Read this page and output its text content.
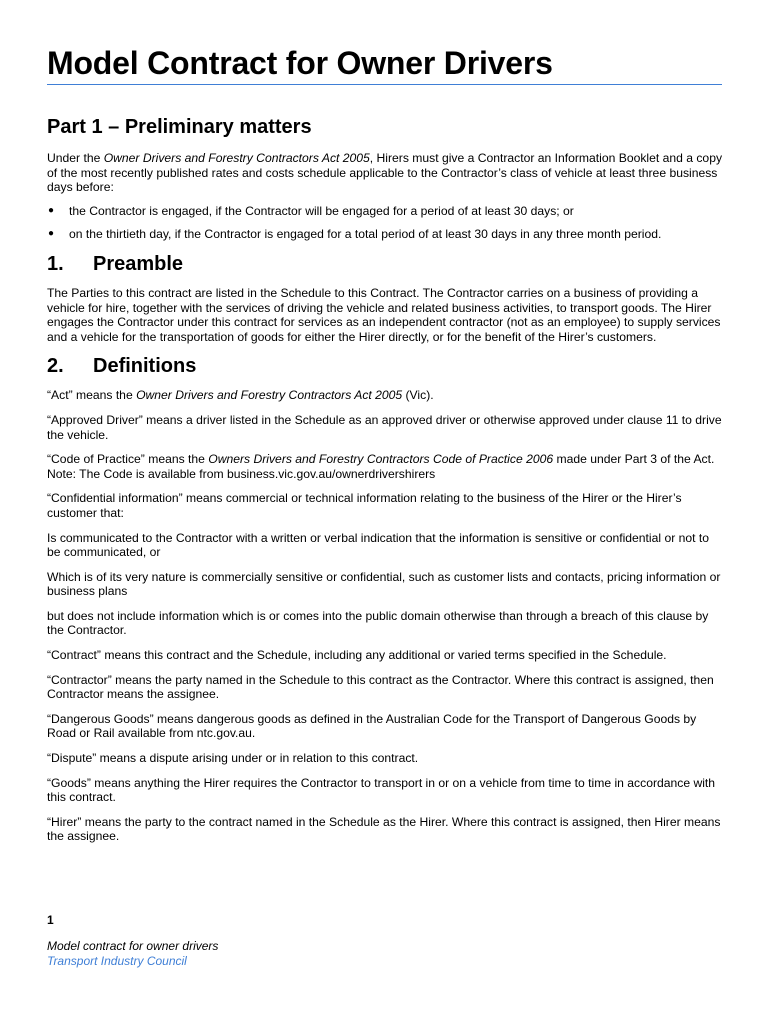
Model Contract for Owner Drivers
Part 1 – Preliminary matters

Under the Owner Drivers and Forestry Contractors Act 2005, Hirers must give a Contractor an Information Booklet and a copy of the most recently published rates and costs schedule applicable to the Contractor’s class of vehicle at least three business days before:

● the Contractor is engaged, if the Contractor will be engaged for a period of at least 30 days; or
● on the thirtieth day, if the Contractor is engaged for a total period of at least 30 days in any three month period.
1.	Preamble

The Parties to this contract are listed in the Schedule to this Contract. The Contractor carries on a business of providing a vehicle for hire, together with the services of driving the vehicle and related business activities, to transport goods. The Hirer engages the Contractor under this contract for services as an independent contractor (not as an employee) to supply services and a vehicle for the transportation of goods for either the Hirer directly, or for the benefit of the Hirer’s customers.

2.	Definitions

“Act” means the Owner Drivers and Forestry Contractors Act 2005 (Vic).

“Approved Driver” means a driver listed in the Schedule as an approved driver or otherwise approved under clause 11 to drive the vehicle.

“Code of Practice” means the Owners Drivers and Forestry Contractors Code of Practice 2006 made under Part 3 of the Act. Note: The Code is available from business.vic.gov.au/ownerdrivershirers

“Confidential information” means commercial or technical information relating to the business of the Hirer or the Hirer’s customer that:

Is communicated to the Contractor with a written or verbal indication that the information is sensitive or confidential or not to be communicated, or

Which is of its very nature is commercially sensitive or confidential, such as customer lists and contacts, pricing information or business plans

but does not include information which is or comes into the public domain otherwise than through a breach of this clause by the Contractor.

“Contract” means this contract and the Schedule, including any additional or varied terms specified in the Schedule.

“Contractor” means the party named in the Schedule to this contract as the Contractor. Where this contract is assigned, then Contractor means the assignee.

“Dangerous Goods” means dangerous goods as defined in the Australian Code for the Transport of Dangerous Goods by Road or Rail available from ntc.gov.au.

“Dispute” means a dispute arising under or in relation to this contract.

“Goods” means anything the Hirer requires the Contractor to transport in or on a vehicle from time to time in accordance with this contract.

“Hirer” means the party to the contract named in the Schedule as the Hirer. Where this contract is assigned, then Hirer means the assignee.

1
Model contract for owner drivers
Transport Industry Council
